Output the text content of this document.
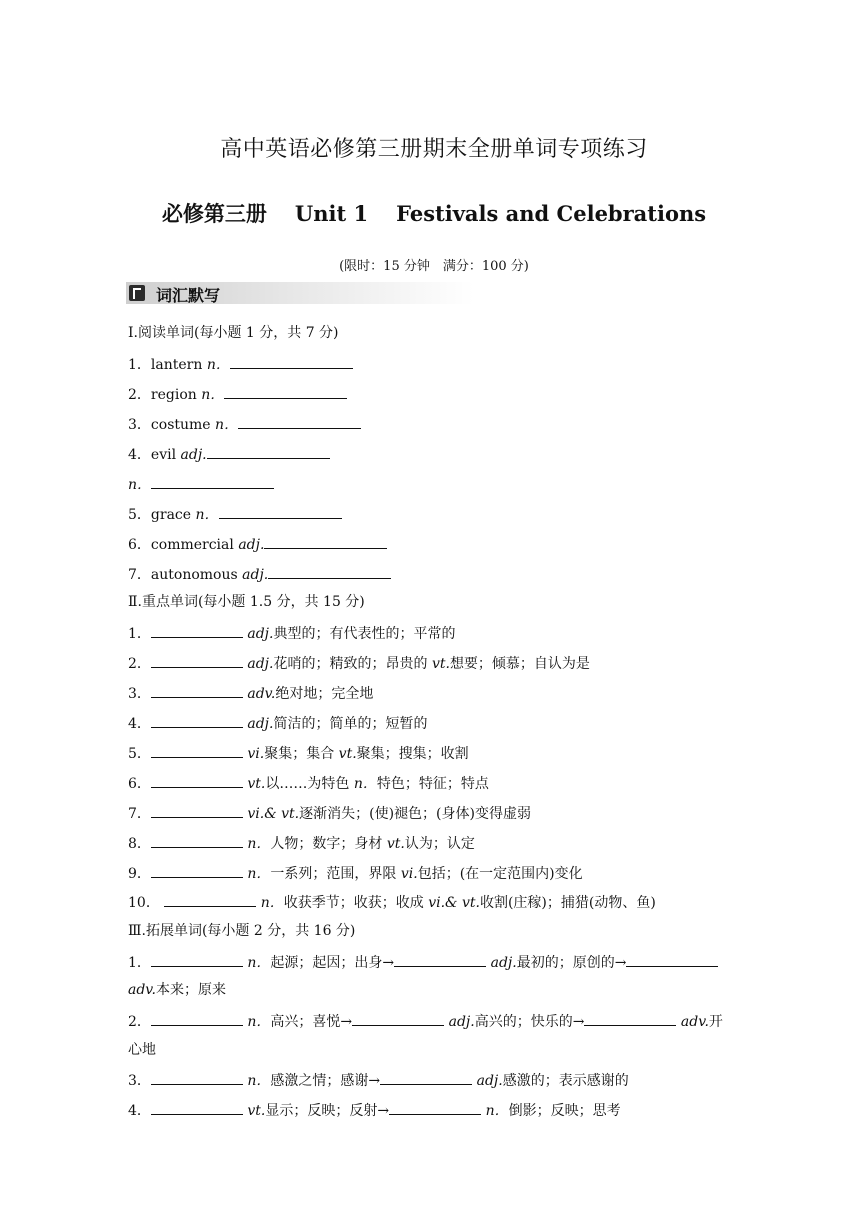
高中英语必修第三册期末全册单词专项练习
必修第三册 Unit 1 Festivals and Celebrations
(限时：15 分钟　满分：100 分)
词汇默写
Ⅰ.阅读单词(每小题 1 分，共 7 分)
1．lantern n．
2．region n．
3．costume n．
4．evil adj.
n．
5．grace n．
6．commercial adj.
7．autonomous adj.
Ⅱ.重点单词(每小题 1.5 分，共 15 分)
1．	adj.典型的；有代表性的；平常的
2．	adj.花哨的；精致的；昂贵的 vt.想要；倾慕；自认为是
3．	adv.绝对地；完全地
4．	adj.简洁的；简单的；短暂的
5．	vi.聚集；集合 vt.聚集；搜集；收割
6．	vt.以……为特色 n．特色；特征；特点
7．	vi.& vt.逐渐消失；(使)褪色；(身体)变得虚弱
8．	n．人物；数字；身材 vt.认为；认定
9．	n．一系列；范围，界限 vi.包括；(在一定范围内)变化
10．	n．收获季节；收获；收成 vi.& vt.收割(庄稼)；捕猎(动物、鱼)
Ⅲ.拓展单词(每小题 2 分，共 16 分)
1．	n．起源；起因；出身→	adj.最初的；原创的→
adv.本来；原来
2．	n．高兴；喜悦→	adj.高兴的；快乐的→	adv.开
心地
3．	n．感激之情；感谢→	adj.感激的；表示感谢的
4．	vt.显示；反映；反射→	n．倒影；反映；思考
